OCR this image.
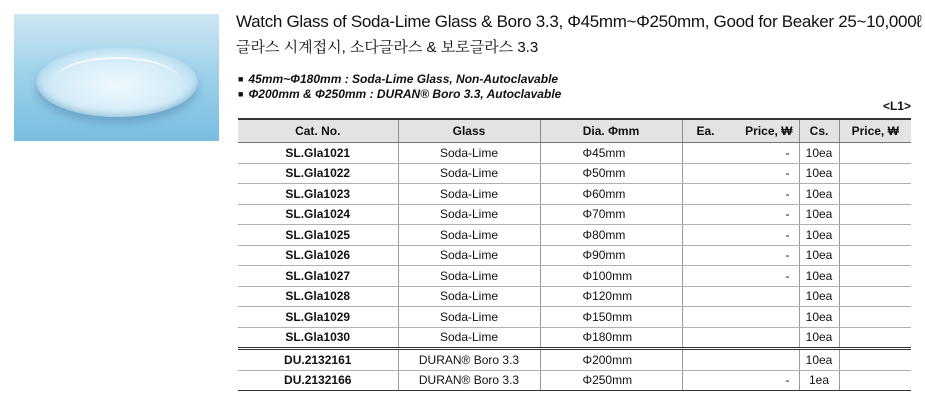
Watch Glass of Soda-Lime Glass & Boro 3.3, Φ45mm~Φ250mm, Good for Beaker 25~10,000ℓ
글라스 시계접시, 소다글라스 & 보로글라스 3.3
■ 45mm~Φ180mm : Soda-Lime Glass, Non-Autoclavable
■ Φ200mm & Φ250mm : DURAN® Boro 3.3, Autoclavable
<L1>
Cat. No.	Glass	Dia. Φmm	Ea. Price, ₩	Cs.	Price, ₩
SL.Gla1021	Soda-Lime	Φ45mm	-	10ea	
SL.Gla1022	Soda-Lime	Φ50mm	-	10ea	
SL.Gla1023	Soda-Lime	Φ60mm	-	10ea	
SL.Gla1024	Soda-Lime	Φ70mm	-	10ea	
SL.Gla1025	Soda-Lime	Φ80mm	-	10ea	
SL.Gla1026	Soda-Lime	Φ90mm	-	10ea	
SL.Gla1027	Soda-Lime	Φ100mm	-	10ea	
SL.Gla1028	Soda-Lime	Φ120mm		10ea	
SL.Gla1029	Soda-Lime	Φ150mm		10ea	
SL.Gla1030	Soda-Lime	Φ180mm		10ea	
DU.2132161	DURAN® Boro 3.3	Φ200mm		10ea	
DU.2132166	DURAN® Boro 3.3	Φ250mm	-	1ea	
